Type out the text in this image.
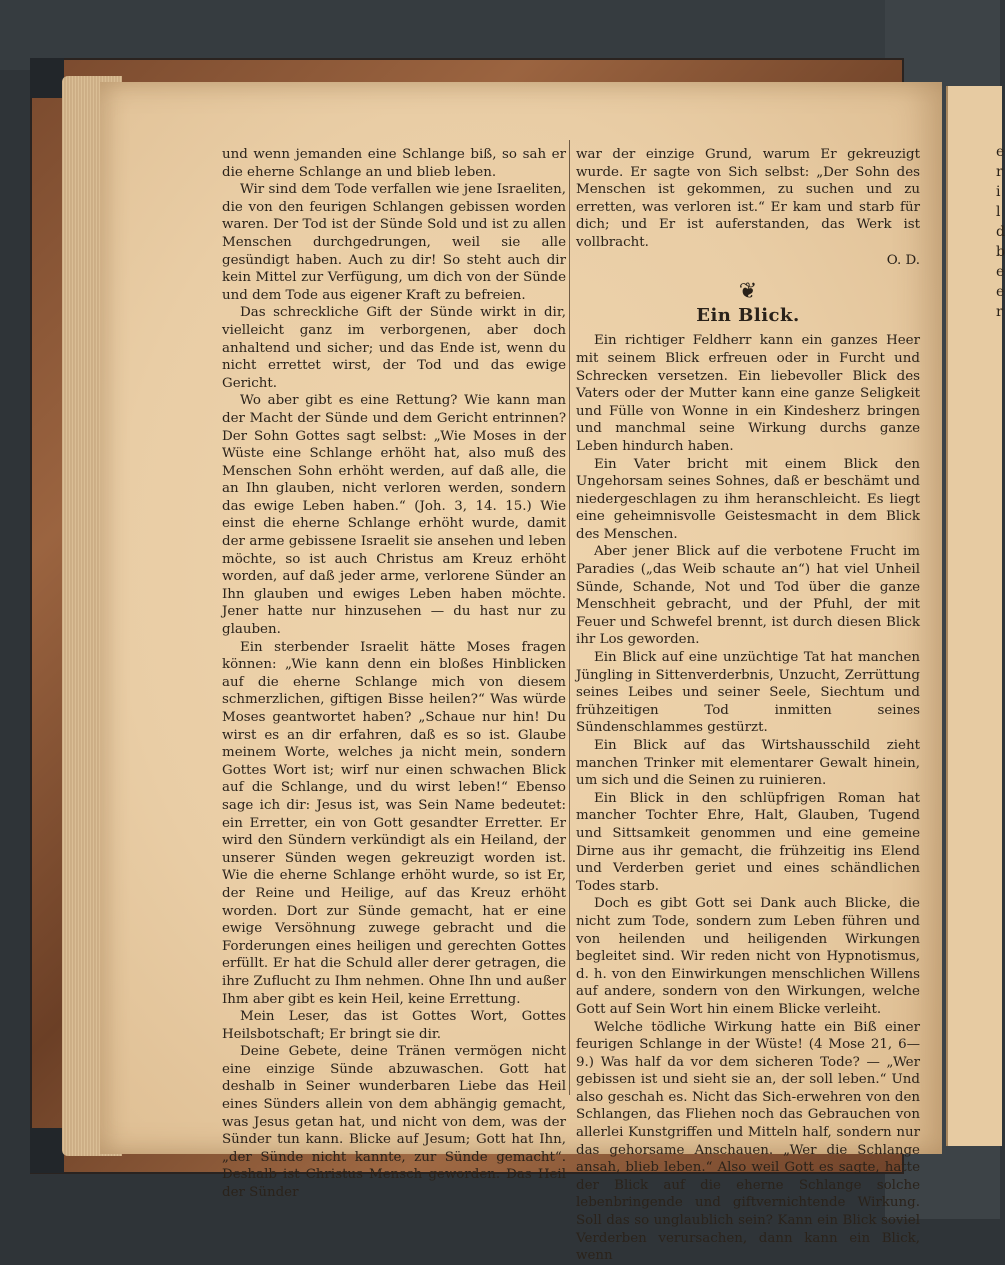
e
r
i
l
d
b
e
e
r

und wenn jemanden eine Schlange biß, so sah er die eherne Schlange an und blieb leben.

Wir sind dem Tode verfallen wie jene Israeliten, die von den feurigen Schlangen gebissen worden waren. Der Tod ist der Sünde Sold und ist zu allen Menschen durchgedrungen, weil sie alle gesündigt haben. Auch zu dir! So steht auch dir kein Mittel zur Verfügung, um dich von der Sünde und dem Tode aus eigener Kraft zu befreien.

Das schreckliche Gift der Sünde wirkt in dir, vielleicht ganz im verborgenen, aber doch anhaltend und sicher; und das Ende ist, wenn du nicht errettet wirst, der Tod und das ewige Gericht.

Wo aber gibt es eine Rettung? Wie kann man der Macht der Sünde und dem Gericht entrinnen? Der Sohn Gottes sagt selbst: „Wie Moses in der Wüste eine Schlange erhöht hat, also muß des Menschen Sohn erhöht werden, auf daß alle, die an Ihn glauben, nicht verloren werden, sondern das ewige Leben haben.“ (Joh. 3, 14. 15.) Wie einst die eherne Schlange erhöht wurde, damit der arme gebissene Israelit sie ansehen und leben möchte, so ist auch Christus am Kreuz erhöht worden, auf daß jeder arme, verlorene Sünder an Ihn glauben und ewiges Leben haben möchte. Jener hatte nur hinzusehen — du hast nur zu glauben.

Ein sterbender Israelit hätte Moses fragen können: „Wie kann denn ein bloßes Hinblicken auf die eherne Schlange mich von diesem schmerzlichen, giftigen Bisse heilen?“ Was würde Moses geantwortet haben? „Schaue nur hin! Du wirst es an dir erfahren, daß es so ist. Glaube meinem Worte, welches ja nicht mein, sondern Gottes Wort ist; wirf nur einen schwachen Blick auf die Schlange, und du wirst leben!“ Ebenso sage ich dir: Jesus ist, was Sein Name bedeutet: ein Erretter, ein von Gott gesandter Erretter. Er wird den Sündern verkündigt als ein Heiland, der unserer Sünden wegen gekreuzigt worden ist. Wie die eherne Schlange erhöht wurde, so ist Er, der Reine und Heilige, auf das Kreuz erhöht worden. Dort zur Sünde gemacht, hat er eine ewige Versöhnung zuwege gebracht und die Forderungen eines heiligen und gerechten Gottes erfüllt. Er hat die Schuld aller derer getragen, die ihre Zuflucht zu Ihm nehmen. Ohne Ihn und außer Ihm aber gibt es kein Heil, keine Errettung.

Mein Leser, das ist Gottes Wort, Gottes Heilsbotschaft; Er bringt sie dir.

Deine Gebete, deine Tränen vermögen nicht eine einzige Sünde abzuwaschen. Gott hat deshalb in Seiner wunderbaren Liebe das Heil eines Sünders allein von dem abhängig gemacht, was Jesus getan hat, und nicht von dem, was der Sünder tun kann. Blicke auf Jesum; Gott hat Ihn, „der Sünde nicht kannte, zur Sünde gemacht“. Deshalb ist Christus Mensch geworden. Das Heil der Sünder

war der einzige Grund, warum Er gekreuzigt wurde. Er sagte von Sich selbst: „Der Sohn des Menschen ist gekommen, zu suchen und zu erretten, was verloren ist.“ Er kam und starb für dich; und Er ist auferstanden, das Werk ist vollbracht.

O. D.

❦
Ein Blick.

Ein richtiger Feldherr kann ein ganzes Heer mit seinem Blick erfreuen oder in Furcht und Schrecken versetzen. Ein liebevoller Blick des Vaters oder der Mutter kann eine ganze Seligkeit und Fülle von Wonne in ein Kindesherz bringen und manchmal seine Wirkung durchs ganze Leben hindurch haben.

Ein Vater bricht mit einem Blick den Ungehorsam seines Sohnes, daß er beschämt und niedergeschlagen zu ihm heranschleicht. Es liegt eine geheimnisvolle Geistesmacht in dem Blick des Menschen.

Aber jener Blick auf die verbotene Frucht im Paradies („das Weib schaute an“) hat viel Unheil Sünde, Schande, Not und Tod über die ganze Menschheit gebracht, und der Pfuhl, der mit Feuer und Schwefel brennt, ist durch diesen Blick ihr Los geworden.

Ein Blick auf eine unzüchtige Tat hat manchen Jüngling in Sittenverderbnis, Unzucht, Zerrüttung seines Leibes und seiner Seele, Siechtum und frühzeitigen Tod inmitten seines Sündenschlammes gestürzt.

Ein Blick auf das Wirtshausschild zieht manchen Trinker mit elementarer Gewalt hinein, um sich und die Seinen zu ruinieren.

Ein Blick in den schlüpfrigen Roman hat mancher Tochter Ehre, Halt, Glauben, Tugend und Sittsamkeit genommen und eine gemeine Dirne aus ihr gemacht, die frühzeitig ins Elend und Verderben geriet und eines schändlichen Todes starb.

Doch es gibt Gott sei Dank auch Blicke, die nicht zum Tode, sondern zum Leben führen und von heilenden und heiligenden Wirkungen begleitet sind. Wir reden nicht von Hypnotismus, d. h. von den Einwirkungen menschlichen Willens auf andere, sondern von den Wirkungen, welche Gott auf Sein Wort hin einem Blicke verleiht.

Welche tödliche Wirkung hatte ein Biß einer feurigen Schlange in der Wüste! (4 Mose 21, 6—9.) Was half da vor dem sicheren Tode? — „Wer gebissen ist und sieht sie an, der soll leben.“ Und also geschah es. Nicht das Sich-erwehren von den Schlangen, das Fliehen noch das Gebrauchen von allerlei Kunstgriffen und Mitteln half, sondern nur das gehorsame Anschauen. „Wer die Schlange ansah, blieb leben.“ Also weil Gott es sagte, hatte der Blick auf die eherne Schlange solche lebenbringende und giftvernichtende Wirkung. Soll das so unglaublich sein? Kann ein Blick soviel Verderben verursachen, dann kann ein Blick, wenn
